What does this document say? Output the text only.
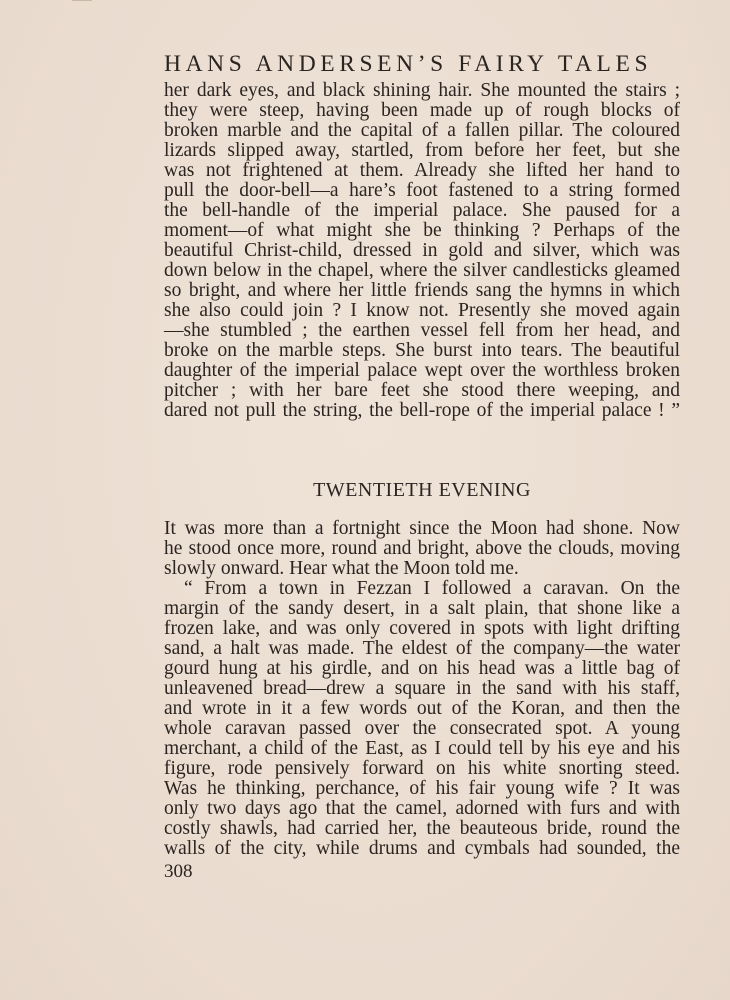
HANS ANDERSEN’S FAIRY TALES
her dark eyes, and black shining hair. She mounted the stairs ;
they were steep, having been made up of rough blocks of
broken marble and the capital of a fallen pillar. The coloured
lizards slipped away, startled, from before her feet, but she
was not frightened at them. Already she lifted her hand to
pull the door-bell—a hare’s foot fastened to a string formed
the bell-handle of the imperial palace. She paused for a
moment—of what might she be thinking ? Perhaps of the
beautiful Christ-child, dressed in gold and silver, which was
down below in the chapel, where the silver candlesticks gleamed
so bright, and where her little friends sang the hymns in which
she also could join ? I know not. Presently she moved again
—she stumbled ; the earthen vessel fell from her head, and
broke on the marble steps. She burst into tears. The beautiful
daughter of the imperial palace wept over the worthless broken
pitcher ; with her bare feet she stood there weeping, and
dared not pull the string, the bell-rope of the imperial palace ! ”
TWENTIETH EVENING
It was more than a fortnight since the Moon had shone. Now
he stood once more, round and bright, above the clouds, moving
slowly onward. Hear what the Moon told me.
“ From a town in Fezzan I followed a caravan. On the
margin of the sandy desert, in a salt plain, that shone like a
frozen lake, and was only covered in spots with light drifting
sand, a halt was made. The eldest of the company—the water
gourd hung at his girdle, and on his head was a little bag of
unleavened bread—drew a square in the sand with his staff,
and wrote in it a few words out of the Koran, and then the
whole caravan passed over the consecrated spot. A young
merchant, a child of the East, as I could tell by his eye and his
figure, rode pensively forward on his white snorting steed.
Was he thinking, perchance, of his fair young wife ? It was
only two days ago that the camel, adorned with furs and with
costly shawls, had carried her, the beauteous bride, round the
walls of the city, while drums and cymbals had sounded, the
308
